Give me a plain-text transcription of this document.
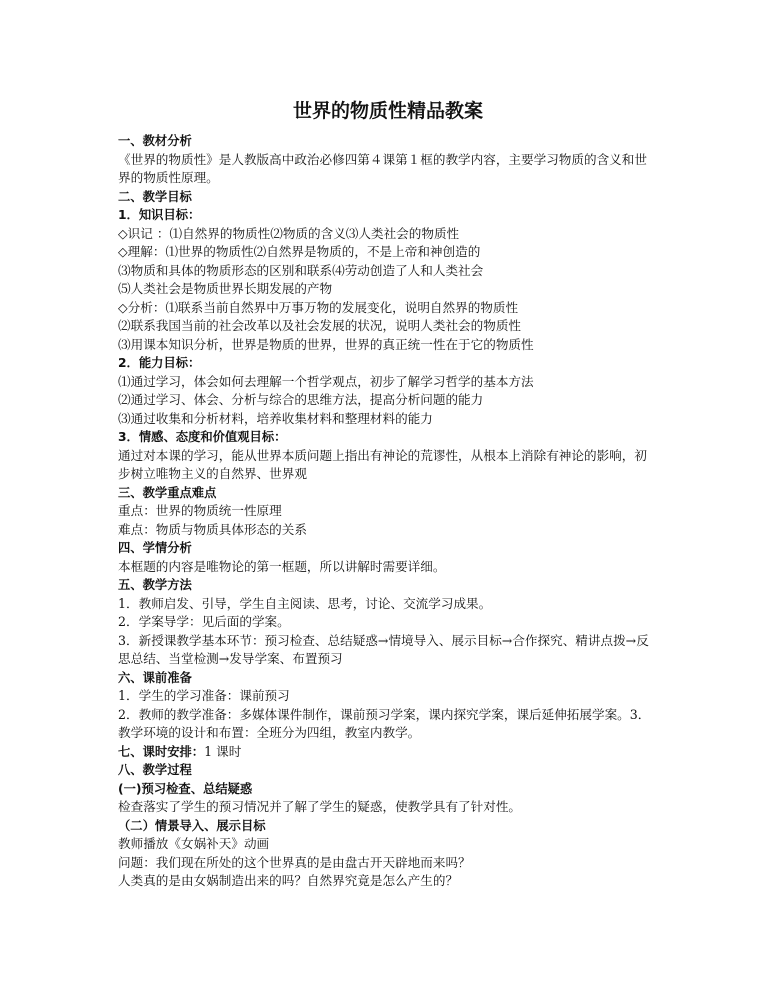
世界的物质性精品教案
一、教材分析
《世界的物质性》是人教版高中政治必修四第４课第１框的教学内容，主要学习物质的含义和世界的物质性原理。
二、教学目标
1．知识目标：
◇识记 ：⑴自然界的物质性⑵物质的含义⑶人类社会的物质性
◇理解：⑴世界的物质性⑵自然界是物质的，不是上帝和神创造的
⑶物质和具体的物质形态的区别和联系⑷劳动创造了人和人类社会
⑸人类社会是物质世界长期发展的产物
◇分析：⑴联系当前自然界中万事万物的发展变化，说明自然界的物质性
⑵联系我国当前的社会改革以及社会发展的状况，说明人类社会的物质性
⑶用课本知识分析，世界是物质的世界，世界的真正统一性在于它的物质性
2．能力目标：
⑴通过学习，体会如何去理解一个哲学观点，初步了解学习哲学的基本方法
⑵通过学习、体会、分析与综合的思维方法，提高分析问题的能力
⑶通过收集和分析材料，培养收集材料和整理材料的能力
3．情感、态度和价值观目标：
通过对本课的学习，能从世界本质问题上指出有神论的荒谬性，从根本上消除有神论的影响，初步树立唯物主义的自然界、世界观
三、教学重点难点
重点：世界的物质统一性原理
难点：物质与物质具体形态的关系
四、学情分析
本框题的内容是唯物论的第一框题，所以讲解时需要详细。
五、教学方法
1．教师启发、引导，学生自主阅读、思考，讨论、交流学习成果。
2．学案导学：见后面的学案。
3．新授课教学基本环节：预习检查、总结疑惑→情境导入、展示目标→合作探究、精讲点拨→反思总结、当堂检测→发导学案、布置预习
六、课前准备
1．学生的学习准备：课前预习
2．教师的教学准备：多媒体课件制作，课前预习学案，课内探究学案，课后延伸拓展学案。3．教学环境的设计和布置：全班分为四组，教室内教学。
七、课时安排：1 课时
八、教学过程
(一)预习检查、总结疑惑
检查落实了学生的预习情况并了解了学生的疑惑，使教学具有了针对性。
（二）情景导入、展示目标
教师播放《女娲补天》动画
问题：我们现在所处的这个世界真的是由盘古开天辟地而来吗？
人类真的是由女娲制造出来的吗？自然界究竟是怎么产生的？
